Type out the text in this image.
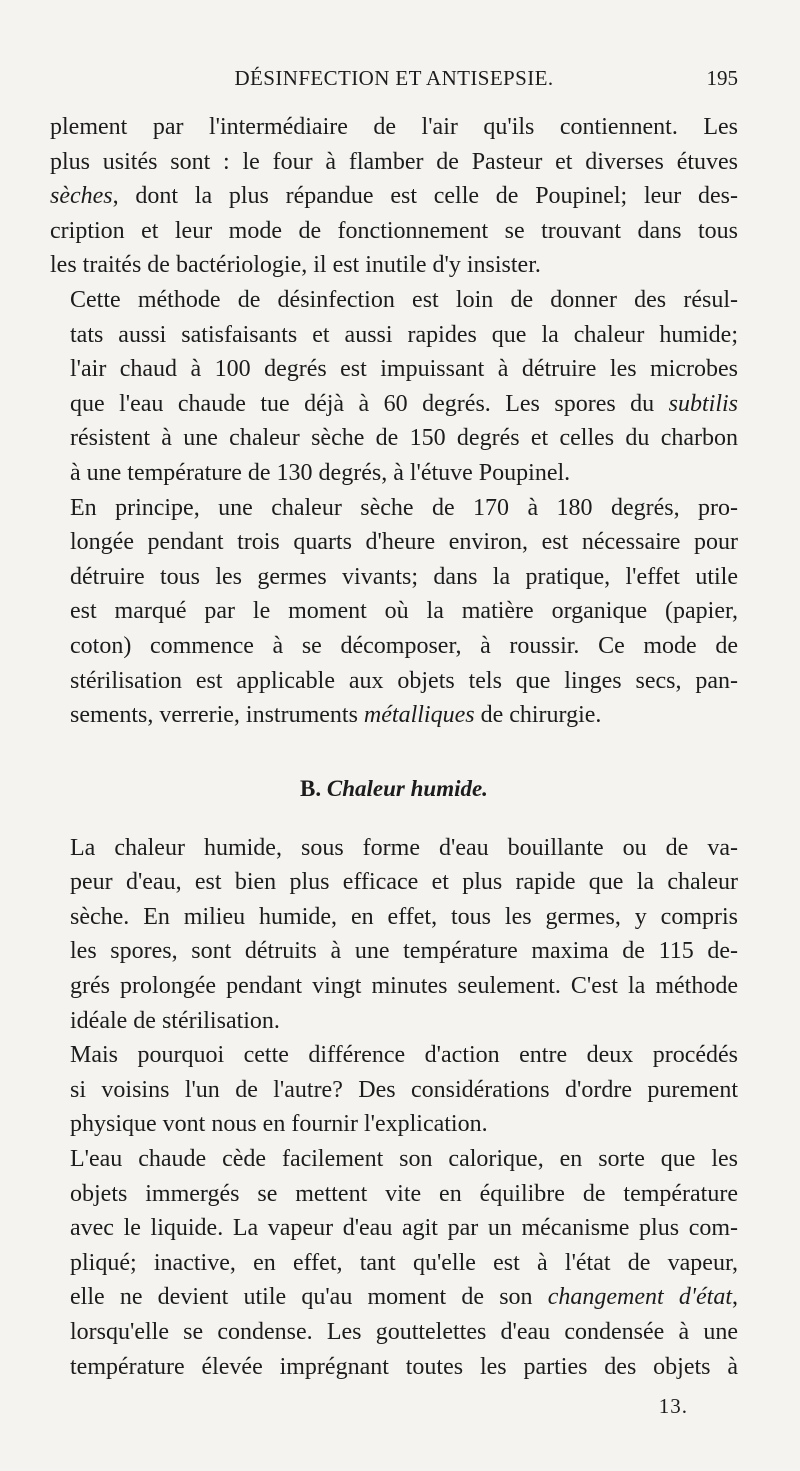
DÉSINFECTION ET ANTISEPSIE.	195

plement par l'intermédiaire de l'air qu'ils contiennent. Les
plus usités sont : le four à flamber de Pasteur et diverses étuves
sèches, dont la plus répandue est celle de Poupinel; leur des-
cription et leur mode de fonctionnement se trouvant dans tous
les traités de bactériologie, il est inutile d'y insister.

Cette méthode de désinfection est loin de donner des résul-
tats aussi satisfaisants et aussi rapides que la chaleur humide;
l'air chaud à 100 degrés est impuissant à détruire les microbes
que l'eau chaude tue déjà à 60 degrés. Les spores du subtilis
résistent à une chaleur sèche de 150 degrés et celles du charbon
à une température de 130 degrés, à l'étuve Poupinel.

En principe, une chaleur sèche de 170 à 180 degrés, pro-
longée pendant trois quarts d'heure environ, est nécessaire pour
détruire tous les germes vivants; dans la pratique, l'effet utile
est marqué par le moment où la matière organique (papier,
coton) commence à se décomposer, à roussir. Ce mode de
stérilisation est applicable aux objets tels que linges secs, pan-
sements, verrerie, instruments métalliques de chirurgie.

B. Chaleur humide.

La chaleur humide, sous forme d'eau bouillante ou de va-
peur d'eau, est bien plus efficace et plus rapide que la chaleur
sèche. En milieu humide, en effet, tous les germes, y compris
les spores, sont détruits à une température maxima de 115 de-
grés prolongée pendant vingt minutes seulement. C'est la méthode
idéale de stérilisation.

Mais pourquoi cette différence d'action entre deux procédés
si voisins l'un de l'autre? Des considérations d'ordre purement
physique vont nous en fournir l'explication.

L'eau chaude cède facilement son calorique, en sorte que les
objets immergés se mettent vite en équilibre de température
avec le liquide. La vapeur d'eau agit par un mécanisme plus com-
pliqué; inactive, en effet, tant qu'elle est à l'état de vapeur,
elle ne devient utile qu'au moment de son changement d'état,
lorsqu'elle se condense. Les gouttelettes d'eau condensée à une
température élevée imprégnant toutes les parties des objets à

13.
